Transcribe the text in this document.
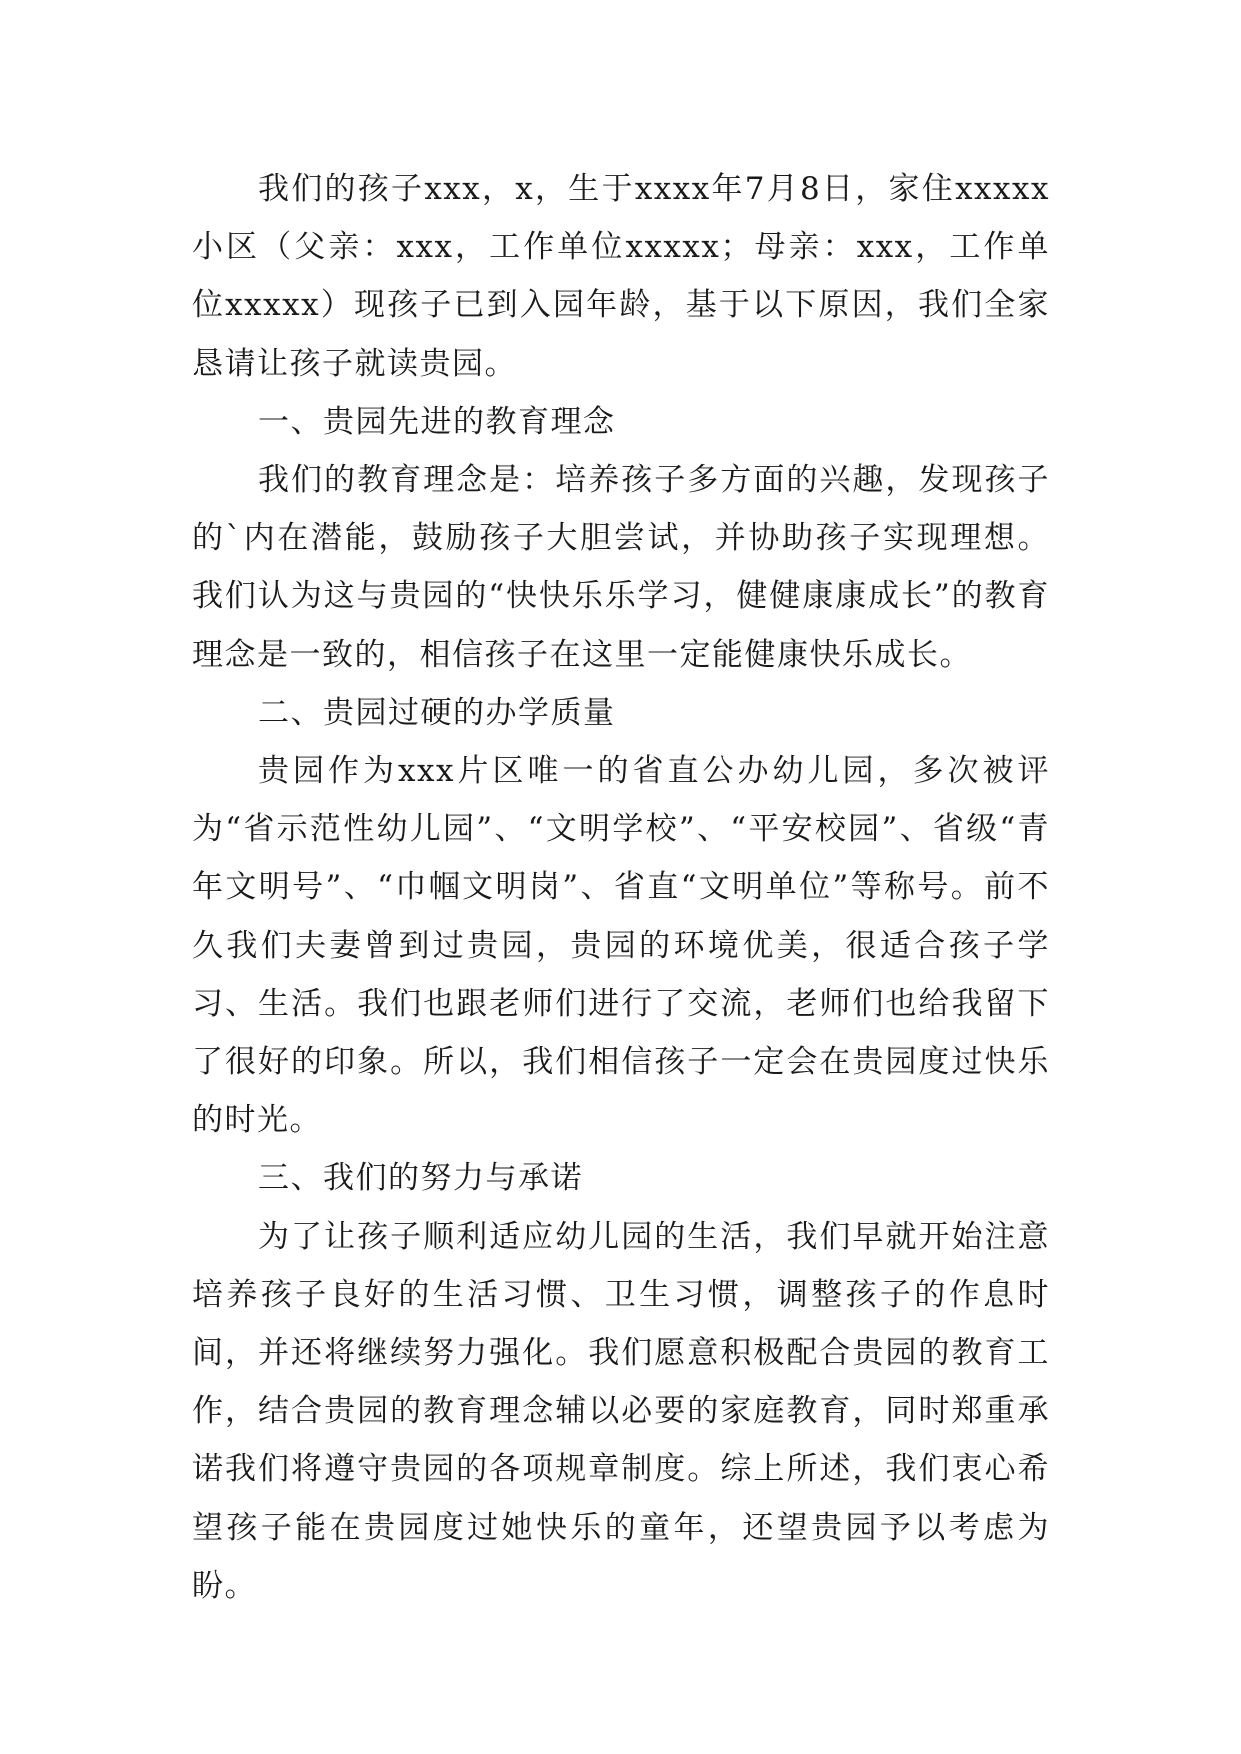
我们的孩子xxx，x，生于xxxx年7月8日，家住xxxxx小区（父亲：xxx，工作单位xxxxx；母亲：xxx，工作单位xxxxx）现孩子已到入园年龄，基于以下原因，我们全家恳请让孩子就读贵园。

一、贵园先进的教育理念

我们的教育理念是：培养孩子多方面的兴趣，发现孩子的`内在潜能，鼓励孩子大胆尝试，并协助孩子实现理想。我们认为这与贵园的“快快乐乐学习，健健康康成长”的教育理念是一致的，相信孩子在这里一定能健康快乐成长。

二、贵园过硬的办学质量

贵园作为xxx片区唯一的省直公办幼儿园，多次被评为“省示范性幼儿园”、“文明学校”、“平安校园”、省级“青年文明号”、“巾帼文明岗”、省直“文明单位”等称号。前不久我们夫妻曾到过贵园，贵园的环境优美，很适合孩子学习、生活。我们也跟老师们进行了交流，老师们也给我留下了很好的印象。所以，我们相信孩子一定会在贵园度过快乐的时光。

三、我们的努力与承诺

为了让孩子顺利适应幼儿园的生活，我们早就开始注意培养孩子良好的生活习惯、卫生习惯，调整孩子的作息时间，并还将继续努力强化。我们愿意积极配合贵园的教育工作，结合贵园的教育理念辅以必要的家庭教育，同时郑重承诺我们将遵守贵园的各项规章制度。综上所述，我们衷心希望孩子能在贵园度过她快乐的童年，还望贵园予以考虑为盼。
